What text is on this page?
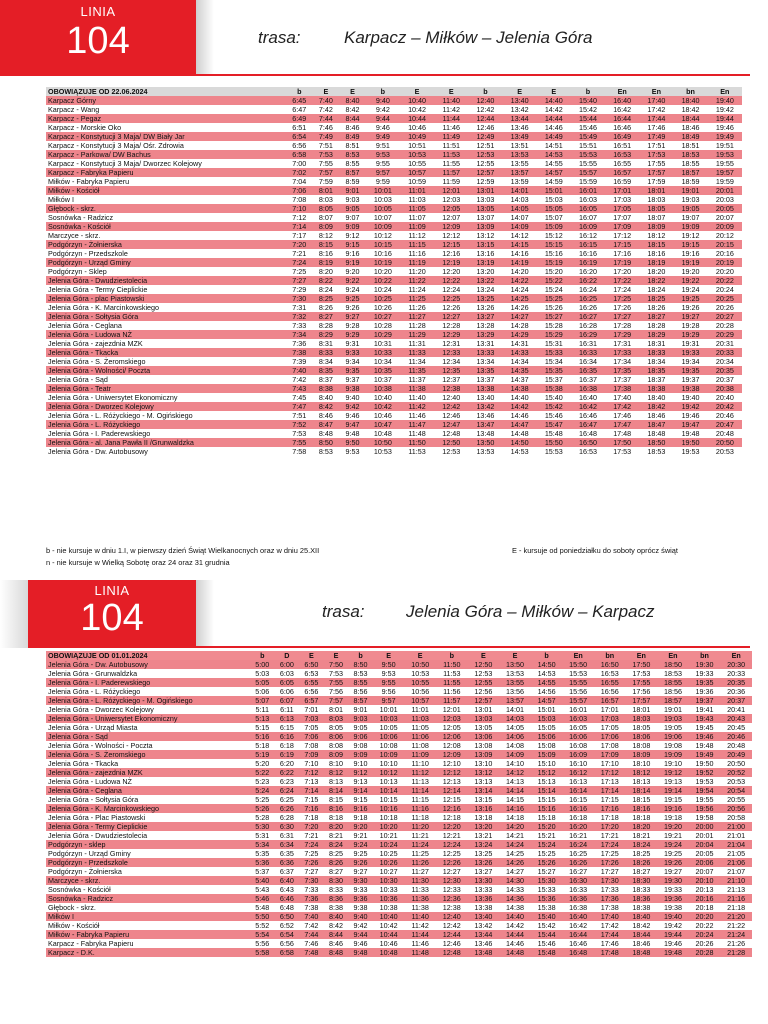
LINIA
104	trasa:	Karpacz – Miłków – Jelenia Góra
OBOWIĄZUJE OD 22.06.2024	b	E	E	b	E	E	b	E	E	b	En	En	bn	En
Karpacz Górny	6:45	7:40	8:40	9:40	10:40	11:40	12:40	13:40	14:40	15:40	16:40	17:40	18:40	19:40
Karpacz - Wang	6:47	7:42	8:42	9:42	10:42	11:42	12:42	13:42	14:42	15:42	16:42	17:42	18:42	19:42
Karpacz - Pegaz	6:49	7:44	8:44	9:44	10:44	11:44	12:44	13:44	14:44	15:44	16:44	17:44	18:44	19:44
Karpacz - Morskie Oko	6:51	7:46	8:46	9:46	10:46	11:46	12:46	13:46	14:46	15:46	16:46	17:46	18:46	19:46
Karpacz - Konstytucji 3 Maja/ DW Biały Jar	6:54	7:49	8:49	9:49	10:49	11:49	12:49	13:49	14:49	15:49	16:49	17:49	18:49	19:49
Karpacz - Konstytucji 3 Maja/ Ośr. Zdrowia	6:56	7:51	8:51	9:51	10:51	11:51	12:51	13:51	14:51	15:51	16:51	17:51	18:51	19:51
Karpacz - Parkowa/ DW Bachus	6:58	7:53	8:53	9:53	10:53	11:53	12:53	13:53	14:53	15:53	16:53	17:53	18:53	19:53
Karpacz - Konstytucji 3 Maja/ Dworzec Kolejowy	7:00	7:55	8:55	9:55	10:55	11:55	12:55	13:55	14:55	15:55	16:55	17:55	18:55	19:55
Karpacz - Fabryka Papieru	7:02	7:57	8:57	9:57	10:57	11:57	12:57	13:57	14:57	15:57	16:57	17:57	18:57	19:57
Miłków - Fabryka Papieru	7:04	7:59	8:59	9:59	10:59	11:59	12:59	13:59	14:59	15:59	16:59	17:59	18:59	19:59
Miłków - Kościół	7:06	8:01	9:01	10:01	11:01	12:01	13:01	14:01	15:01	16:01	17:01	18:01	19:01	20:01
Miłków I	7:08	8:03	9:03	10:03	11:03	12:03	13:03	14:03	15:03	16:03	17:03	18:03	19:03	20:03
Głębock - skrz.	7:10	8:05	9:05	10:05	11:05	12:05	13:05	14:05	15:05	16:05	17:05	18:05	19:05	20:05
Sosnówka - Radzicz	7:12	8:07	9:07	10:07	11:07	12:07	13:07	14:07	15:07	16:07	17:07	18:07	19:07	20:07
Sosnówka - Kościół	7:14	8:09	9:09	10:09	11:09	12:09	13:09	14:09	15:09	16:09	17:09	18:09	19:09	20:09
Marczyce - skrz.	7:17	8:12	9:12	10:12	11:12	12:12	13:12	14:12	15:12	16:12	17:12	18:12	19:12	20:12
Podgórzyn - Żołnierska	7:20	8:15	9:15	10:15	11:15	12:15	13:15	14:15	15:15	16:15	17:15	18:15	19:15	20:15
Podgórzyn - Przedszkole	7:21	8:16	9:16	10:16	11:16	12:16	13:16	14:16	15:16	16:16	17:16	18:16	19:16	20:16
Podgórzyn - Urząd Gminy	7:24	8:19	9:19	10:19	11:19	12:19	13:19	14:19	15:19	16:19	17:19	18:19	19:19	20:19
Podgórzyn - Sklep	7:25	8:20	9:20	10:20	11:20	12:20	13:20	14:20	15:20	16:20	17:20	18:20	19:20	20:20
Jelenia Góra - Dwudziestolecia	7:27	8:22	9:22	10:22	11:22	12:22	13:22	14:22	15:22	16:22	17:22	18:22	19:22	20:22
Jelenia Góra - Termy Cieplickie	7:29	8:24	9:24	10:24	11:24	12:24	13:24	14:24	15:24	16:24	17:24	18:24	19:24	20:24
Jelenia Góra - plac Piastowski	7:30	8:25	9:25	10:25	11:25	12:25	13:25	14:25	15:25	16:25	17:25	18:25	19:25	20:25
Jelenia Góra - K. Marcinkowskiego	7:31	8:26	9:26	10:26	11:26	12:26	13:26	14:26	15:26	16:26	17:26	18:26	19:26	20:26
Jelenia Góra - Sołtysia Góra	7:32	8:27	9:27	10:27	11:27	12:27	13:27	14:27	15:27	16:27	17:27	18:27	19:27	20:27
Jelenia Góra - Ceglana	7:33	8:28	9:28	10:28	11:28	12:28	13:28	14:28	15:28	16:28	17:28	18:28	19:28	20:28
Jelenia Góra - Ludowa NŻ	7:34	8:29	9:29	10:29	11:29	12:29	13:29	14:29	15:29	16:29	17:29	18:29	19:29	20:29
Jelenia Góra - zajezdnia MZK	7:36	8:31	9:31	10:31	11:31	12:31	13:31	14:31	15:31	16:31	17:31	18:31	19:31	20:31
Jelenia Góra - Tkacka	7:38	8:33	9:33	10:33	11:33	12:33	13:33	14:33	15:33	16:33	17:33	18:33	19:33	20:33
Jelenia Góra - S. Żeromskiego	7:39	8:34	9:34	10:34	11:34	12:34	13:34	14:34	15:34	16:34	17:34	18:34	19:34	20:34
Jelenia Góra - Wolności/ Poczta	7:40	8:35	9:35	10:35	11:35	12:35	13:35	14:35	15:35	16:35	17:35	18:35	19:35	20:35
Jelenia Góra - Sąd	7:42	8:37	9:37	10:37	11:37	12:37	13:37	14:37	15:37	16:37	17:37	18:37	19:37	20:37
Jelenia Góra - Teatr	7:43	8:38	9:38	10:38	11:38	12:38	13:38	14:38	15:38	16:38	17:38	18:38	19:38	20:38
Jelenia Góra - Uniwersytet Ekonomiczny	7:45	8:40	9:40	10:40	11:40	12:40	13:40	14:40	15:40	16:40	17:40	18:40	19:40	20:40
Jelenia Góra - Dworzec Kolejowy	7:47	8:42	9:42	10:42	11:42	12:42	13:42	14:42	15:42	16:42	17:42	18:42	19:42	20:42
Jelenia Góra - L. Różyckiego - M. Ogińskiego	7:51	8:46	9:46	10:46	11:46	12:46	13:46	14:46	15:46	16:46	17:46	18:46	19:46	20:46
Jelenia Góra - L. Różyckiego	7:52	8:47	9:47	10:47	11:47	12:47	13:47	14:47	15:47	16:47	17:47	18:47	19:47	20:47
Jelenia Góra - I. Paderewskiego	7:53	8:48	9:48	10:48	11:48	12:48	13:48	14:48	15:48	16:48	17:48	18:48	19:48	20:48
Jelenia Góra - al. Jana Pawła II /Grunwaldzka	7:55	8:50	9:50	10:50	11:50	12:50	13:50	14:50	15:50	16:50	17:50	18:50	19:50	20:50
Jelenia Góra - Dw. Autobusowy	7:58	8:53	9:53	10:53	11:53	12:53	13:53	14:53	15:53	16:53	17:53	18:53	19:53	20:53
b - nie kursuje w dniu 1.I, w pierwszy dzień Świąt Wielkanocnych oraz w dniu 25.XII
n - nie kursuje w Wielką Sobotę oraz 24 oraz 31 grudnia
E - kursuje od poniedziałku do soboty oprócz świąt
LINIA
104	trasa: Jelenia Góra – Miłków – Karpacz
OBOWIĄZUJE OD 01.01.2024	b	D	E	E	b	E	E	b	E	E	b	En	bn	En	En	bn	En
Jelenia Góra - Dw. Autobusowy	5:00	6:00	6:50	7:50	8:50	9:50	10:50	11:50	12:50	13:50	14:50	15:50	16:50	17:50	18:50	19:30	20:30
Jelenia Góra - Grunwaldzka	5:03	6:03	6:53	7:53	8:53	9:53	10:53	11:53	12:53	13:53	14:53	15:53	16:53	17:53	18:53	19:33	20:33
Jelenia Góra - I. Paderewskiego	5:05	6:05	6:55	7:55	8:55	9:55	10:55	11:55	12:55	13:55	14:55	15:55	16:55	17:55	18:55	19:35	20:35
Jelenia Góra - L. Różyckiego	5:06	6:06	6:56	7:56	8:56	9:56	10:56	11:56	12:56	13:56	14:56	15:56	16:56	17:56	18:56	19:36	20:36
Jelenia Góra - L. Różyckiego - M. Ogińskiego	5:07	6:07	6:57	7:57	8:57	9:57	10:57	11:57	12:57	13:57	14:57	15:57	16:57	17:57	18:57	19:37	20:37
Jelenia Góra - Dworzec Kolejowy	5:11	6:11	7:01	8:01	9:01	10:01	11:01	12:01	13:01	14:01	15:01	16:01	17:01	18:01	19:01	19:41	20:41
Jelenia Góra - Uniwersytet Ekonomiczny	5:13	6:13	7:03	8:03	9:03	10:03	11:03	12:03	13:03	14:03	15:03	16:03	17:03	18:03	19:03	19:43	20:43
Jelenia Góra - Urząd Miasta	5:15	6:15	7:05	8:05	9:05	10:05	11:05	12:05	13:05	14:05	15:05	16:05	17:05	18:05	19:05	19:45	20:45
Jelenia Góra - Sąd	5:16	6:16	7:06	8:06	9:06	10:06	11:06	12:06	13:06	14:06	15:06	16:06	17:06	18:06	19:06	19:46	20:46
Jelenia Góra - Wolności - Poczta	5:18	6:18	7:08	8:08	9:08	10:08	11:08	12:08	13:08	14:08	15:08	16:08	17:08	18:08	19:08	19:48	20:48
Jelenia Góra - S. Żeromskiego	5:19	6:19	7:09	8:09	9:09	10:09	11:09	12:09	13:09	14:09	15:09	16:09	17:09	18:09	19:09	19:49	20:49
Jelenia Góra - Tkacka	5:20	6:20	7:10	8:10	9:10	10:10	11:10	12:10	13:10	14:10	15:10	16:10	17:10	18:10	19:10	19:50	20:50
Jelenia Góra - zajezdnia MZK	5:22	6:22	7:12	8:12	9:12	10:12	11:12	12:12	13:12	14:12	15:12	16:12	17:12	18:12	19:12	19:52	20:52
Jelenia Góra - Ludowa NŻ	5:23	6:23	7:13	8:13	9:13	10:13	11:13	12:13	13:13	14:13	15:13	16:13	17:13	18:13	19:13	19:53	20:53
Jelenia Góra - Ceglana	5:24	6:24	7:14	8:14	9:14	10:14	11:14	12:14	13:14	14:14	15:14	16:14	17:14	18:14	19:14	19:54	20:54
Jelenia Góra - Sołtysia Góra	5:25	6:25	7:15	8:15	9:15	10:15	11:15	12:15	13:15	14:15	15:15	16:15	17:15	18:15	19:15	19:55	20:55
Jelenia Góra - K. Marcinkowskiego	5:26	6:26	7:16	8:16	9:16	10:16	11:16	12:16	13:16	14:16	15:16	16:16	17:16	18:16	19:16	19:56	20:56
Jelenia Góra - Plac Piastowski	5:28	6:28	7:18	8:18	9:18	10:18	11:18	12:18	13:18	14:18	15:18	16:18	17:18	18:18	19:18	19:58	20:58
Jelenia Góra - Termy Cieplickie	5:30	6:30	7:20	8:20	9:20	10:20	11:20	12:20	13:20	14:20	15:20	16:20	17:20	18:20	19:20	20:00	21:00
Jelenia Góra - Dwudziestolecia	5:31	6:31	7:21	8:21	9:21	10:21	11:21	12:21	13:21	14:21	15:21	16:21	17:21	18:21	19:21	20:01	21:01
Podgórzyn - sklep	5:34	6:34	7:24	8:24	9:24	10:24	11:24	12:24	13:24	14:24	15:24	16:24	17:24	18:24	19:24	20:04	21:04
Podgórzyn - Urząd Gminy	5:35	6:35	7:25	8:25	9:25	10:25	11:25	12:25	13:25	14:25	15:25	16:25	17:25	18:25	19:25	20:05	21:05
Podgórzyn - Przedszkole	5:36	6:36	7:26	8:26	9:26	10:26	11:26	12:26	13:26	14:26	15:26	16:26	17:26	18:26	19:26	20:06	21:06
Podgórzyn - Żołnierska	5:37	6:37	7:27	8:27	9:27	10:27	11:27	12:27	13:27	14:27	15:27	16:27	17:27	18:27	19:27	20:07	21:07
Marczyce - skrz.	5:40	6:40	7:30	8:30	9:30	10:30	11:30	12:30	13:30	14:30	15:30	16:30	17:30	18:30	19:30	20:10	21:10
Sosnówka - Kościół	5:43	6:43	7:33	8:33	9:33	10:33	11:33	12:33	13:33	14:33	15:33	16:33	17:33	18:33	19:33	20:13	21:13
Sosnówka - Radzicz	5:46	6:46	7:36	8:36	9:36	10:36	11:36	12:36	13:36	14:36	15:36	16:36	17:36	18:36	19:36	20:16	21:16
Głębock - skrz.	5:48	6:48	7:38	8:38	9:38	10:38	11:38	12:38	13:38	14:38	15:38	16:38	17:38	18:38	19:38	20:18	21:18
Miłków I	5:50	6:50	7:40	8:40	9:40	10:40	11:40	12:40	13:40	14:40	15:40	16:40	17:40	18:40	19:40	20:20	21:20
Miłków - Kościół	5:52	6:52	7:42	8:42	9:42	10:42	11:42	12:42	13:42	14:42	15:42	16:42	17:42	18:42	19:42	20:22	21:22
Miłków - Fabryka Papieru	5:54	6:54	7:44	8:44	9:44	10:44	11:44	12:44	13:44	14:44	15:44	16:44	17:44	18:44	19:44	20:24	21:24
Karpacz - Fabryka Papieru	5:56	6:56	7:46	8:46	9:46	10:46	11:46	12:46	13:46	14:46	15:46	16:46	17:46	18:46	19:46	20:26	21:26
Karpacz - D.K.	5:58	6:58	7:48	8:48	9:48	10:48	11:48	12:48	13:48	14:48	15:48	16:48	17:48	18:48	19:48	20:28	21:28
